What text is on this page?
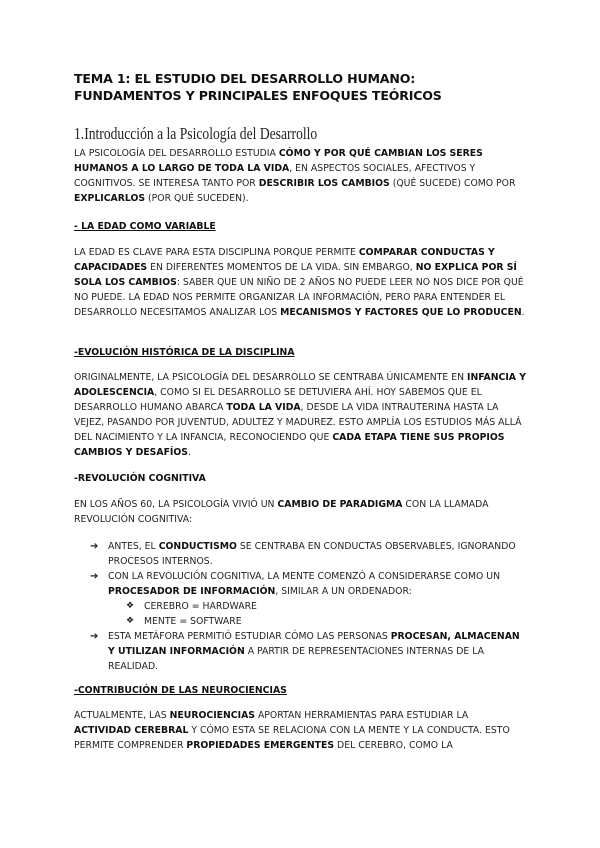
TEMA 1: EL ESTUDIO DEL DESARROLLO HUMANO: FUNDAMENTOS Y PRINCIPALES ENFOQUES TEÓRICOS
1.Introducción a la Psicología del Desarrollo

LA PSICOLOGÍA DEL DESARROLLO ESTUDIA CÓMO Y POR QUÉ CAMBIAN LOS SERES HUMANOS A LO LARGO DE TODA LA VIDA, EN ASPECTOS SOCIALES, AFECTIVOS Y COGNITIVOS. SE INTERESA TANTO POR DESCRIBIR LOS CAMBIOS (QUÉ SUCEDE) COMO POR EXPLICARLOS (POR QUÉ SUCEDEN).

- LA EDAD COMO VARIABLE

LA EDAD ES CLAVE PARA ESTA DISCIPLINA PORQUE PERMITE COMPARAR CONDUCTAS Y CAPACIDADES EN DIFERENTES MOMENTOS DE LA VIDA. SIN EMBARGO, NO EXPLICA POR SÍ SOLA LOS CAMBIOS: SABER QUE UN NIÑO DE 2 AÑOS NO PUEDE LEER NO NOS DICE POR QUÉ NO PUEDE. LA EDAD NOS PERMITE ORGANIZAR LA INFORMACIÓN, PERO PARA ENTENDER EL DESARROLLO NECESITAMOS ANALIZAR LOS MECANISMOS Y FACTORES QUE LO PRODUCEN.

-EVOLUCIÓN HISTÓRICA DE LA DISCIPLINA

ORIGINALMENTE, LA PSICOLOGÍA DEL DESARROLLO SE CENTRABA ÚNICAMENTE EN INFANCIA Y ADOLESCENCIA, COMO SI EL DESARROLLO SE DETUVIERA AHÍ. HOY SABEMOS QUE EL DESARROLLO HUMANO ABARCA TODA LA VIDA, DESDE LA VIDA INTRAUTERINA HASTA LA VEJEZ, PASANDO POR JUVENTUD, ADULTEZ Y MADUREZ. ESTO AMPLÍA LOS ESTUDIOS MÁS ALLÁ DEL NACIMIENTO Y LA INFANCIA, RECONOCIENDO QUE CADA ETAPA TIENE SUS PROPIOS CAMBIOS Y DESAFÍOS.

-REVOLUCIÓN COGNITIVA

EN LOS AÑOS 60, LA PSICOLOGÍA VIVIÓ UN CAMBIO DE PARADIGMA CON LA LLAMADA REVOLUCIÓN COGNITIVA:

➔ ANTES, EL CONDUCTISMO SE CENTRABA EN CONDUCTAS OBSERVABLES, IGNORANDO PROCESOS INTERNOS.
➔ CON LA REVOLUCIÓN COGNITIVA, LA MENTE COMENZÓ A CONSIDERARSE COMO UN PROCESADOR DE INFORMACIÓN, SIMILAR A UN ORDENADOR:
❖ CEREBRO = HARDWARE
❖ MENTE = SOFTWARE
➔ ESTA METÁFORA PERMITIÓ ESTUDIAR CÓMO LAS PERSONAS PROCESAN, ALMACENAN Y UTILIZAN INFORMACIÓN A PARTIR DE REPRESENTACIONES INTERNAS DE LA REALIDAD.

-CONTRIBUCIÓN DE LAS NEUROCIENCIAS

ACTUALMENTE, LAS NEUROCIENCIAS APORTAN HERRAMIENTAS PARA ESTUDIAR LA ACTIVIDAD CEREBRAL Y CÓMO ESTA SE RELACIONA CON LA MENTE Y LA CONDUCTA. ESTO PERMITE COMPRENDER PROPIEDADES EMERGENTES DEL CEREBRO, COMO LA
